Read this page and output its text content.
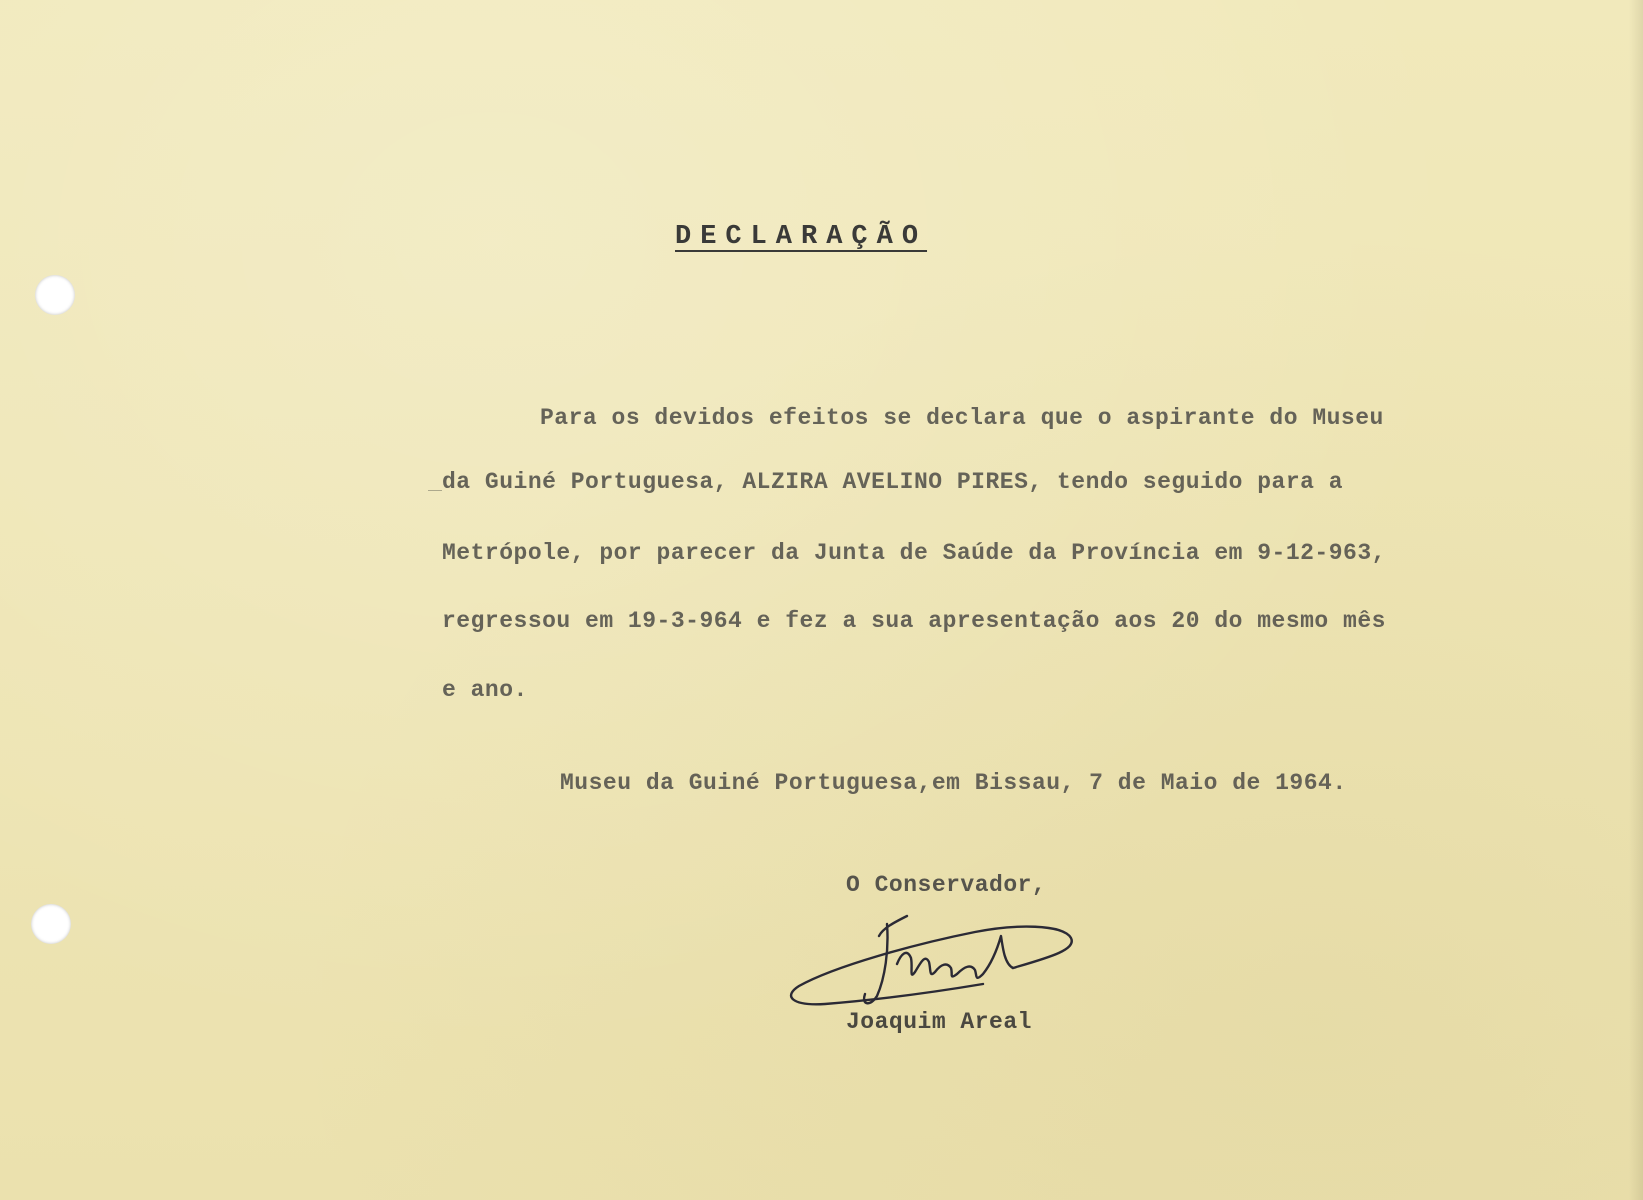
DECLARAÇÃO
Para os devidos efeitos se declara que o aspirante do Museu
da Guiné Portuguesa, ALZIRA AVELINO PIRES, tendo seguido para a
Metrópole, por parecer da Junta de Saúde da Província em 9-12-963,
regressou em 19-3-964 e fez a sua apresentação aos 20 do mesmo mês
e ano.
Museu da Guiné Portuguesa,em Bissau, 7 de Maio de 1964.
O Conservador,
Joaquim Areal
